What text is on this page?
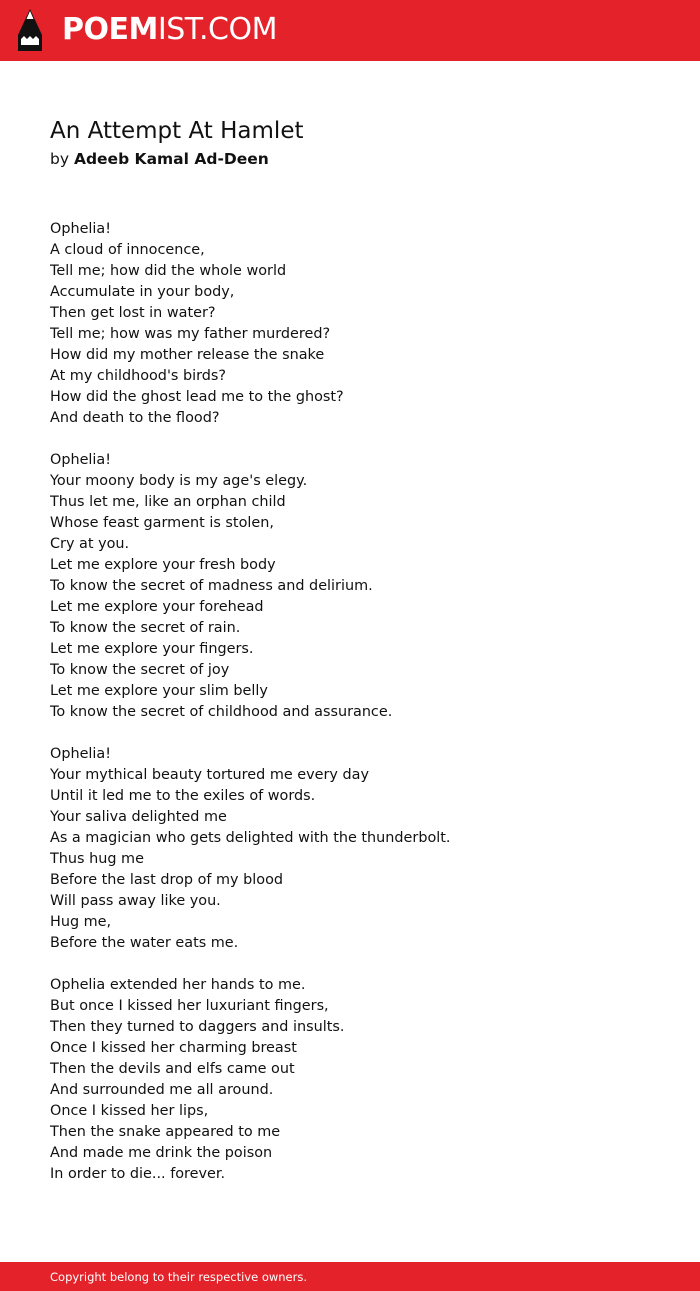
POEMIST.COM
An Attempt At Hamlet
by Adeeb Kamal Ad-Deen
Ophelia!
A cloud of innocence,
Tell me; how did the whole world
Accumulate in your body,
Then get lost in water?
Tell me; how was my father murdered?
How did my mother release the snake
At my childhood's birds?
How did the ghost lead me to the ghost?
And death to the flood?
Ophelia!
Your moony body is my age's elegy.
Thus let me, like an orphan child
Whose feast garment is stolen,
Cry at you.
Let me explore your fresh body
To know the secret of madness and delirium.
Let me explore your forehead
To know the secret of rain.
Let me explore your fingers.
To know the secret of joy
Let me explore your slim belly
To know the secret of childhood and assurance.
Ophelia!
Your mythical beauty tortured me every day
Until it led me to the exiles of words.
Your saliva delighted me
As a magician who gets delighted with the thunderbolt.
Thus hug me
Before the last drop of my blood
Will pass away like you.
Hug me,
Before the water eats me.
Ophelia extended her hands to me.
But once I kissed her luxuriant fingers,
Then they turned to daggers and insults.
Once I kissed her charming breast
Then the devils and elfs came out
And surrounded me all around.
Once I kissed her lips,
Then the snake appeared to me
And made me drink the poison
In order to die... forever.
Copyright belong to their respective owners.
